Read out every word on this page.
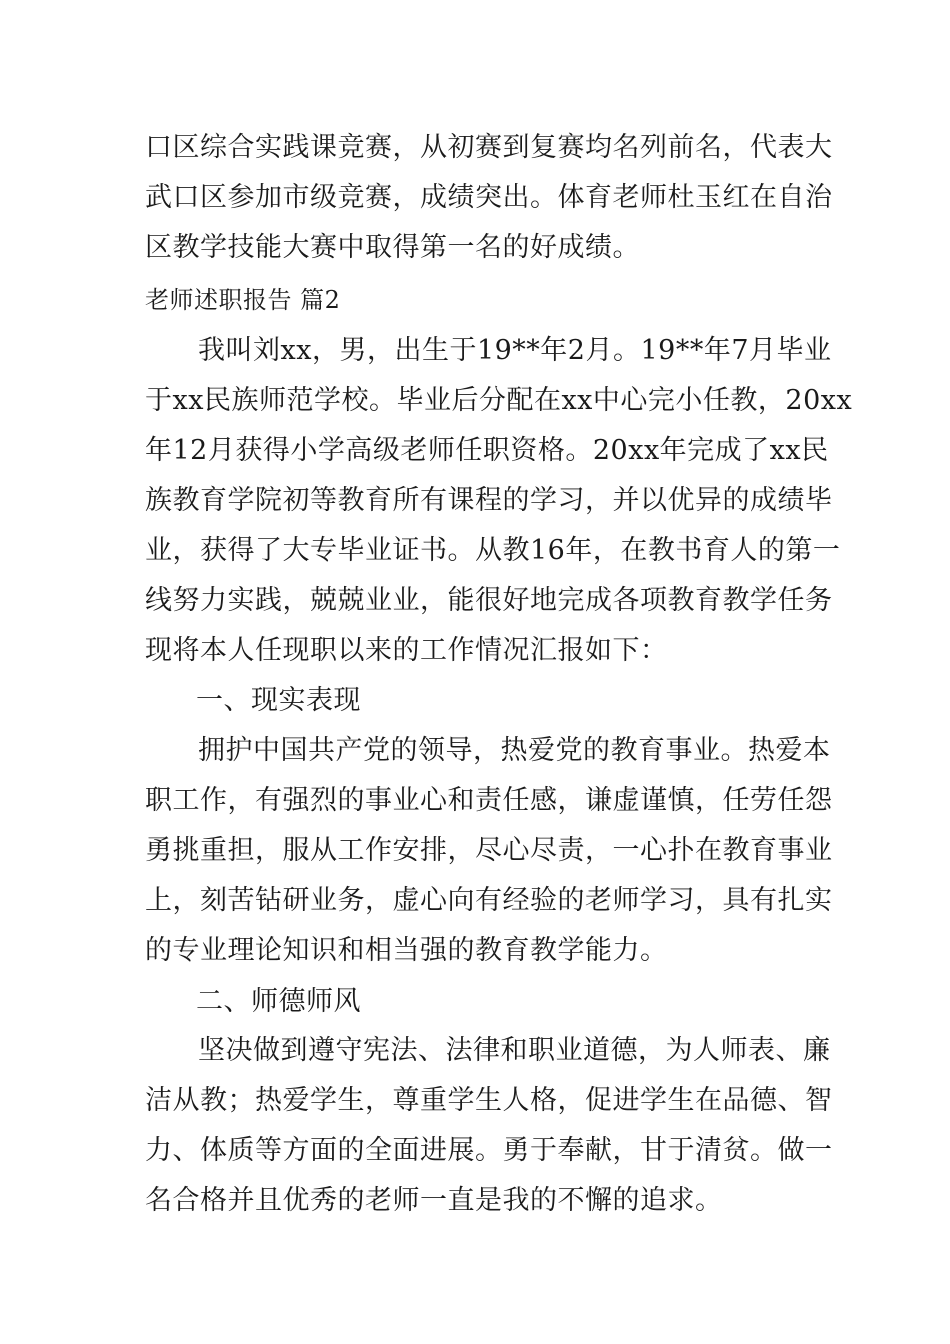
口区综合实践课竞赛，从初赛到复赛均名列前名，代表大
武口区参加市级竞赛，成绩突出。体育老师杜玉红在自治
区教学技能大赛中取得第一名的好成绩。
老师述职报告 篇2
我叫刘xx，男，出生于19**年2月。19**年7月毕业
于xx民族师范学校。毕业后分配在xx中心完小任教，20xx
年12月获得小学高级老师任职资格。20xx年完成了xx民
族教育学院初等教育所有课程的学习，并以优异的成绩毕
业，获得了大专毕业证书。从教16年，在教书育人的第一
线努力实践，兢兢业业，能很好地完成各项教育教学任务
现将本人任现职以来的工作情况汇报如下：
一、现实表现
拥护中国共产党的领导，热爱党的教育事业。热爱本
职工作，有强烈的事业心和责任感，谦虚谨慎，任劳任怨
勇挑重担，服从工作安排，尽心尽责，一心扑在教育事业
上，刻苦钻研业务，虚心向有经验的老师学习，具有扎实
的专业理论知识和相当强的教育教学能力。
二、师德师风
坚决做到遵守宪法、法律和职业道德，为人师表、廉
洁从教；热爱学生，尊重学生人格，促进学生在品德、智
力、体质等方面的全面进展。勇于奉献，甘于清贫。做一
名合格并且优秀的老师一直是我的不懈的追求。
